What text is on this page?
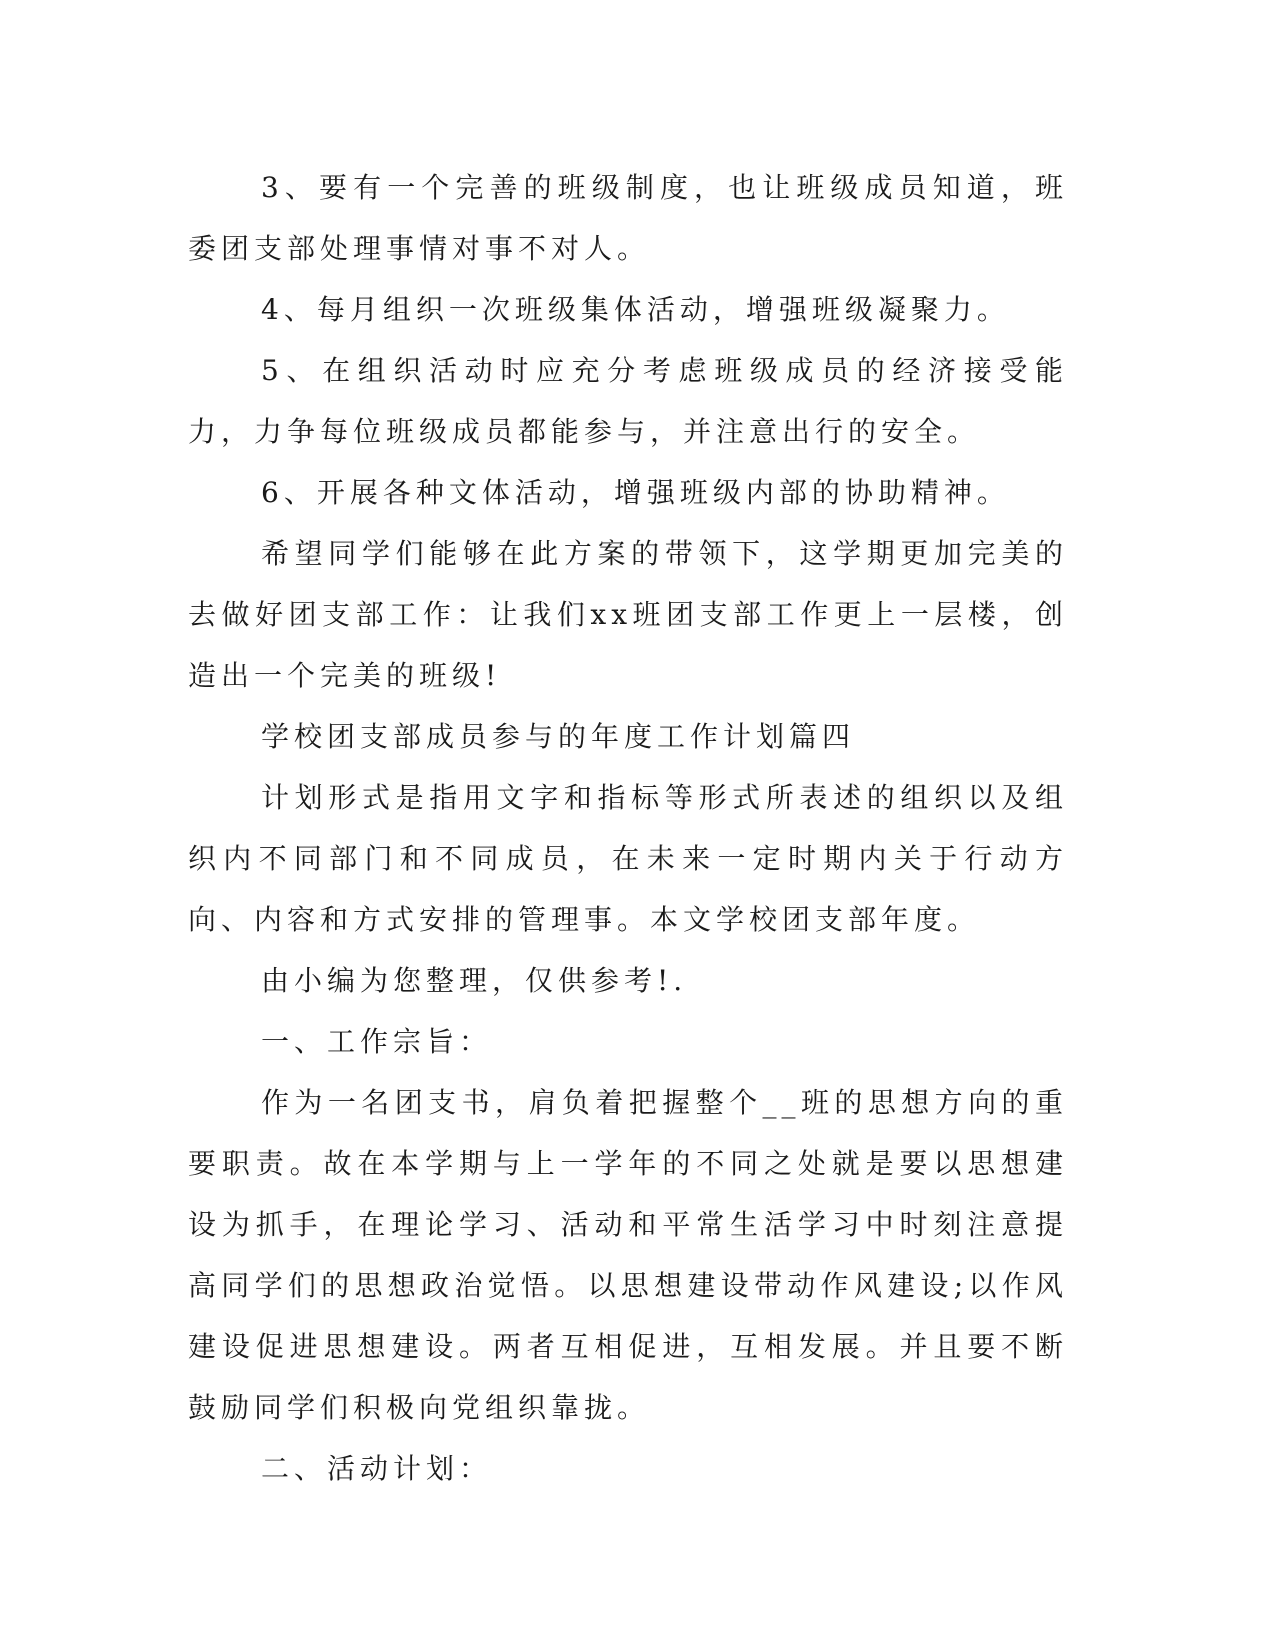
3、要有一个完善的班级制度，也让班级成员知道，班委团支部处理事情对事不对人。

4、每月组织一次班级集体活动，增强班级凝聚力。

5、在组织活动时应充分考虑班级成员的经济接受能力，力争每位班级成员都能参与，并注意出行的安全。

6、开展各种文体活动，增强班级内部的协助精神。

希望同学们能够在此方案的带领下，这学期更加完美的去做好团支部工作：让我们xx班团支部工作更上一层楼，创造出一个完美的班级!

学校团支部成员参与的年度工作计划篇四

计划形式是指用文字和指标等形式所表述的组织以及组织内不同部门和不同成员，在未来一定时期内关于行动方向、内容和方式安排的管理事。本文学校团支部年度。

由小编为您整理，仅供参考!.

一、工作宗旨：

作为一名团支书，肩负着把握整个__班的思想方向的重要职责。故在本学期与上一学年的不同之处就是要以思想建设为抓手，在理论学习、活动和平常生活学习中时刻注意提高同学们的思想政治觉悟。以思想建设带动作风建设;以作风建设促进思想建设。两者互相促进，互相发展。并且要不断鼓励同学们积极向党组织靠拢。

二、活动计划：
